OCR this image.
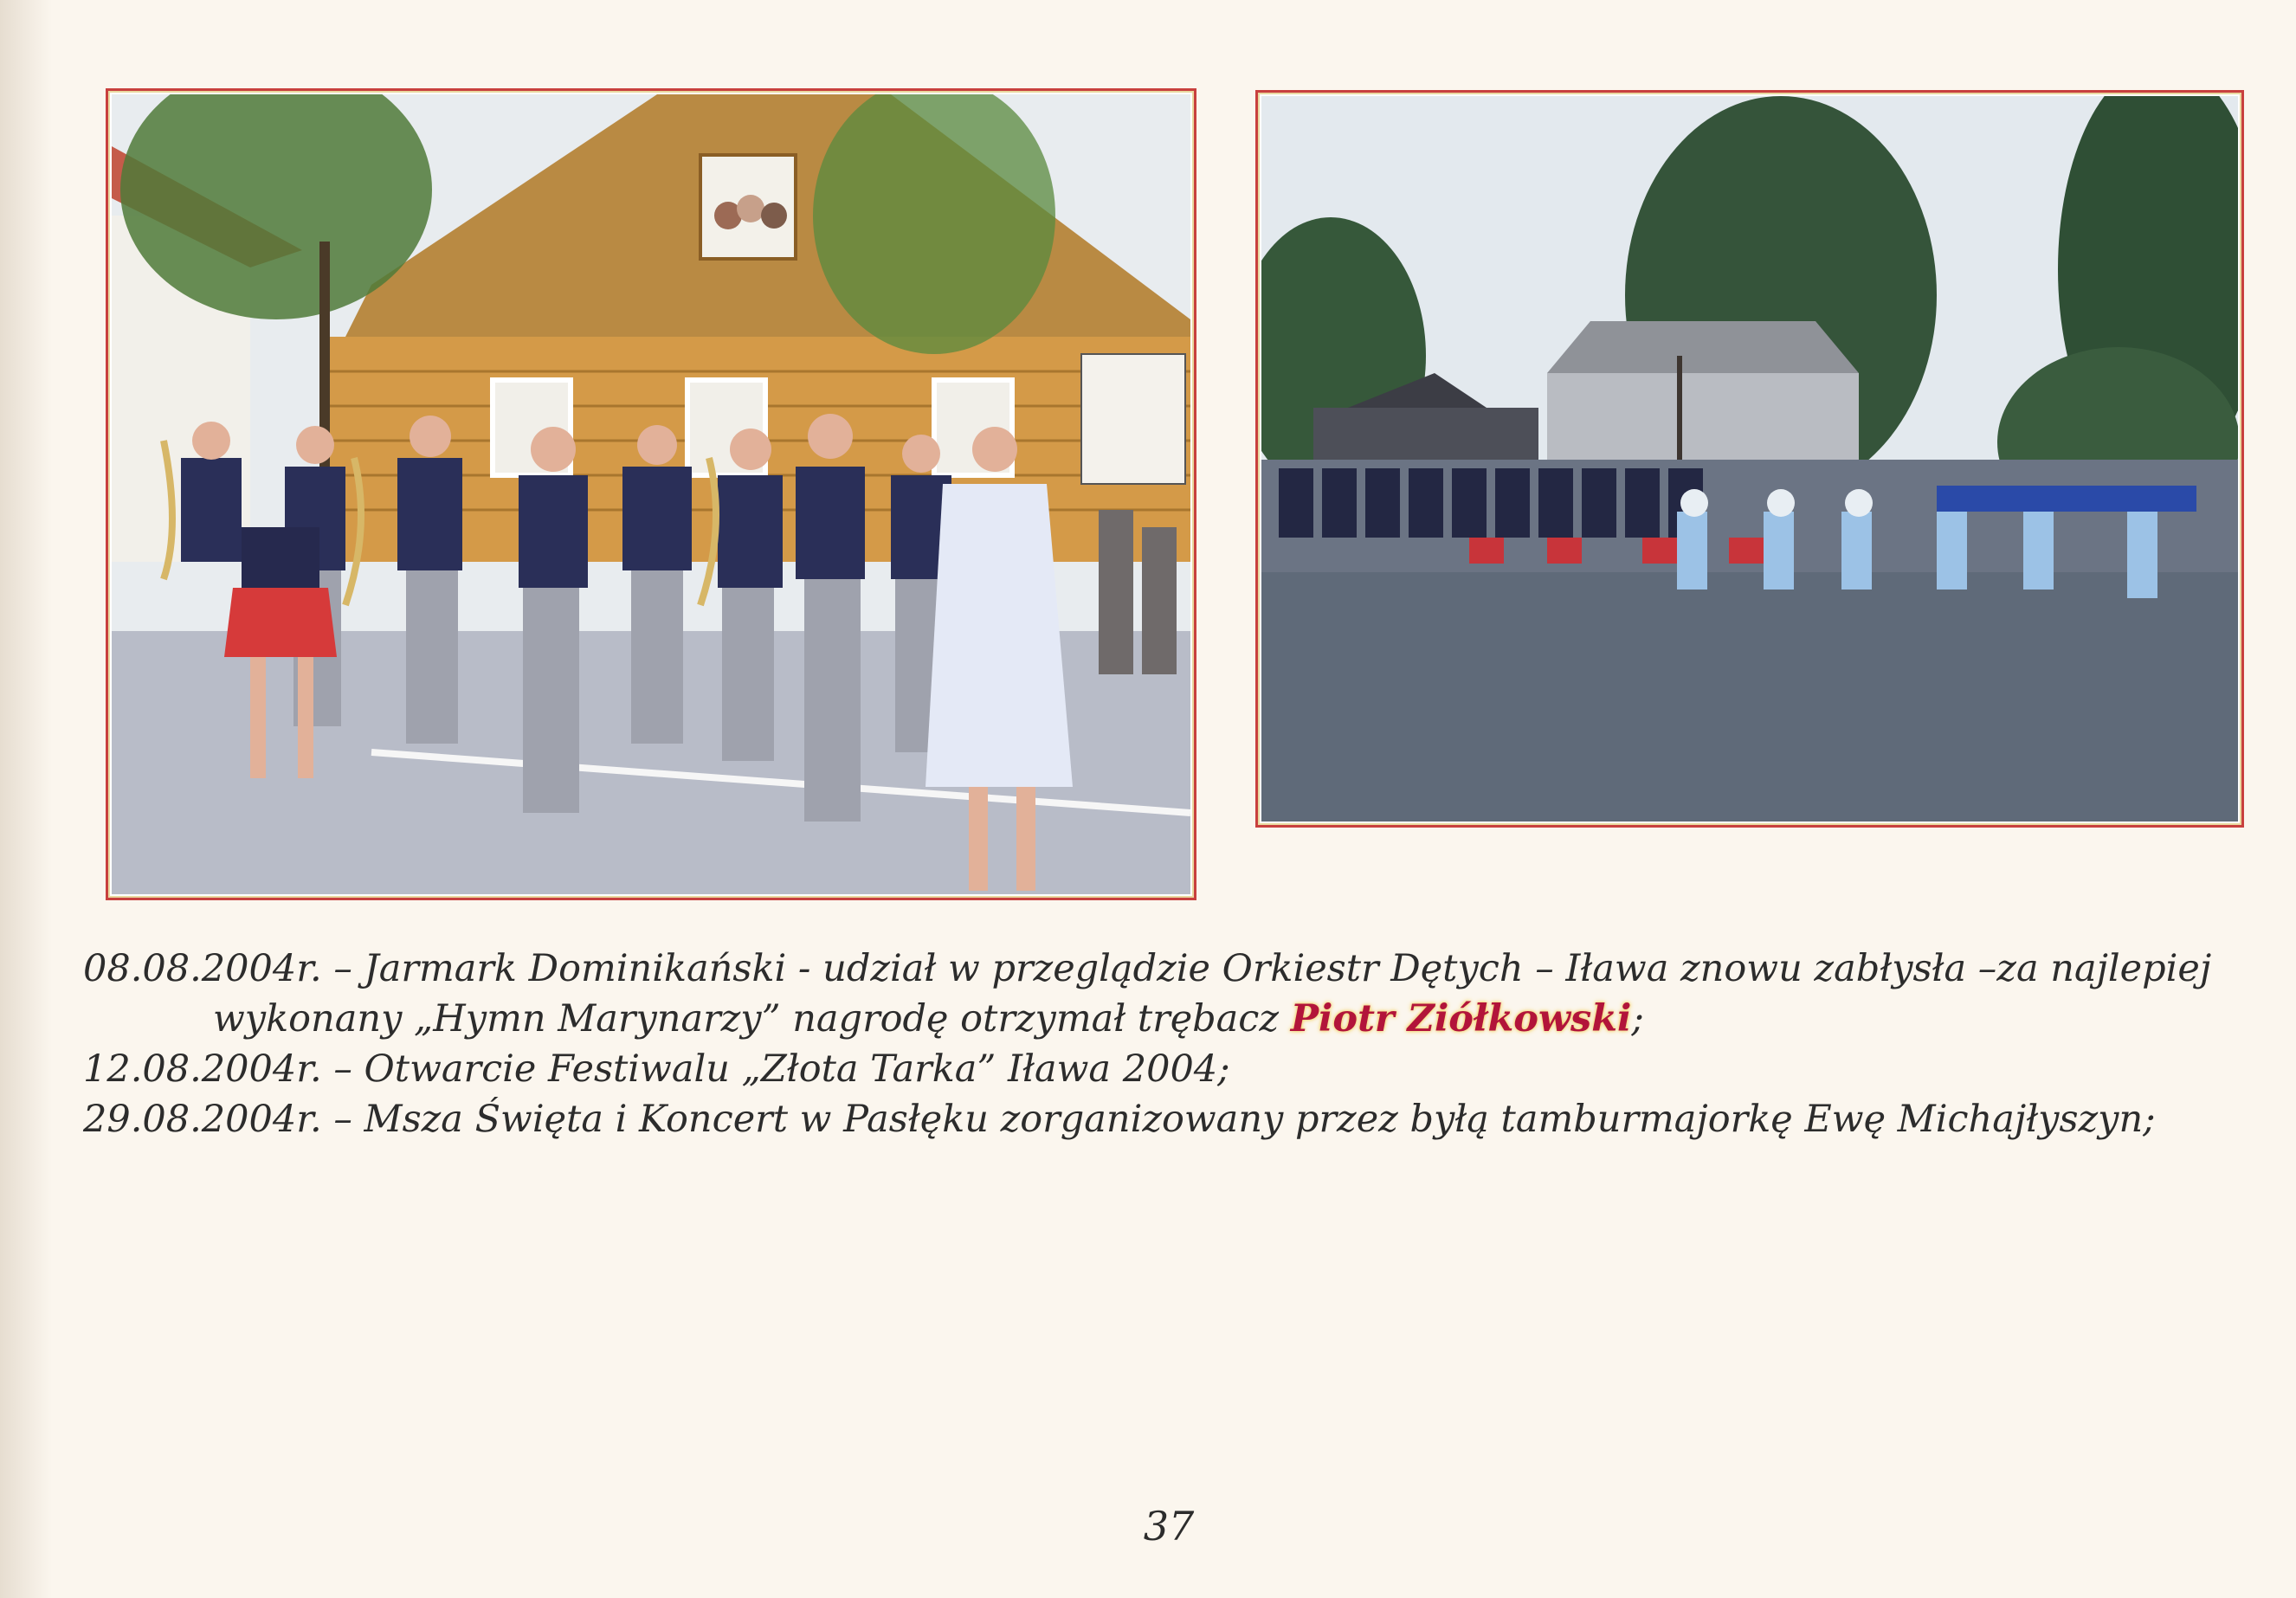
08.08.2004r. – Jarmark Dominikański - udział w przeglądzie Orkiestr Dętych – Iława znowu zabłysła –za najlepiej

wykonany „Hymn Marynarzy” nagrodę otrzymał trębacz Piotr Ziółkowski;

12.08.2004r. – Otwarcie Festiwalu „Złota Tarka” Iława 2004;

29.08.2004r. – Msza Święta i Koncert w Pasłęku zorganizowany przez byłą tamburmajorkę Ewę Michajłyszyn;

37
